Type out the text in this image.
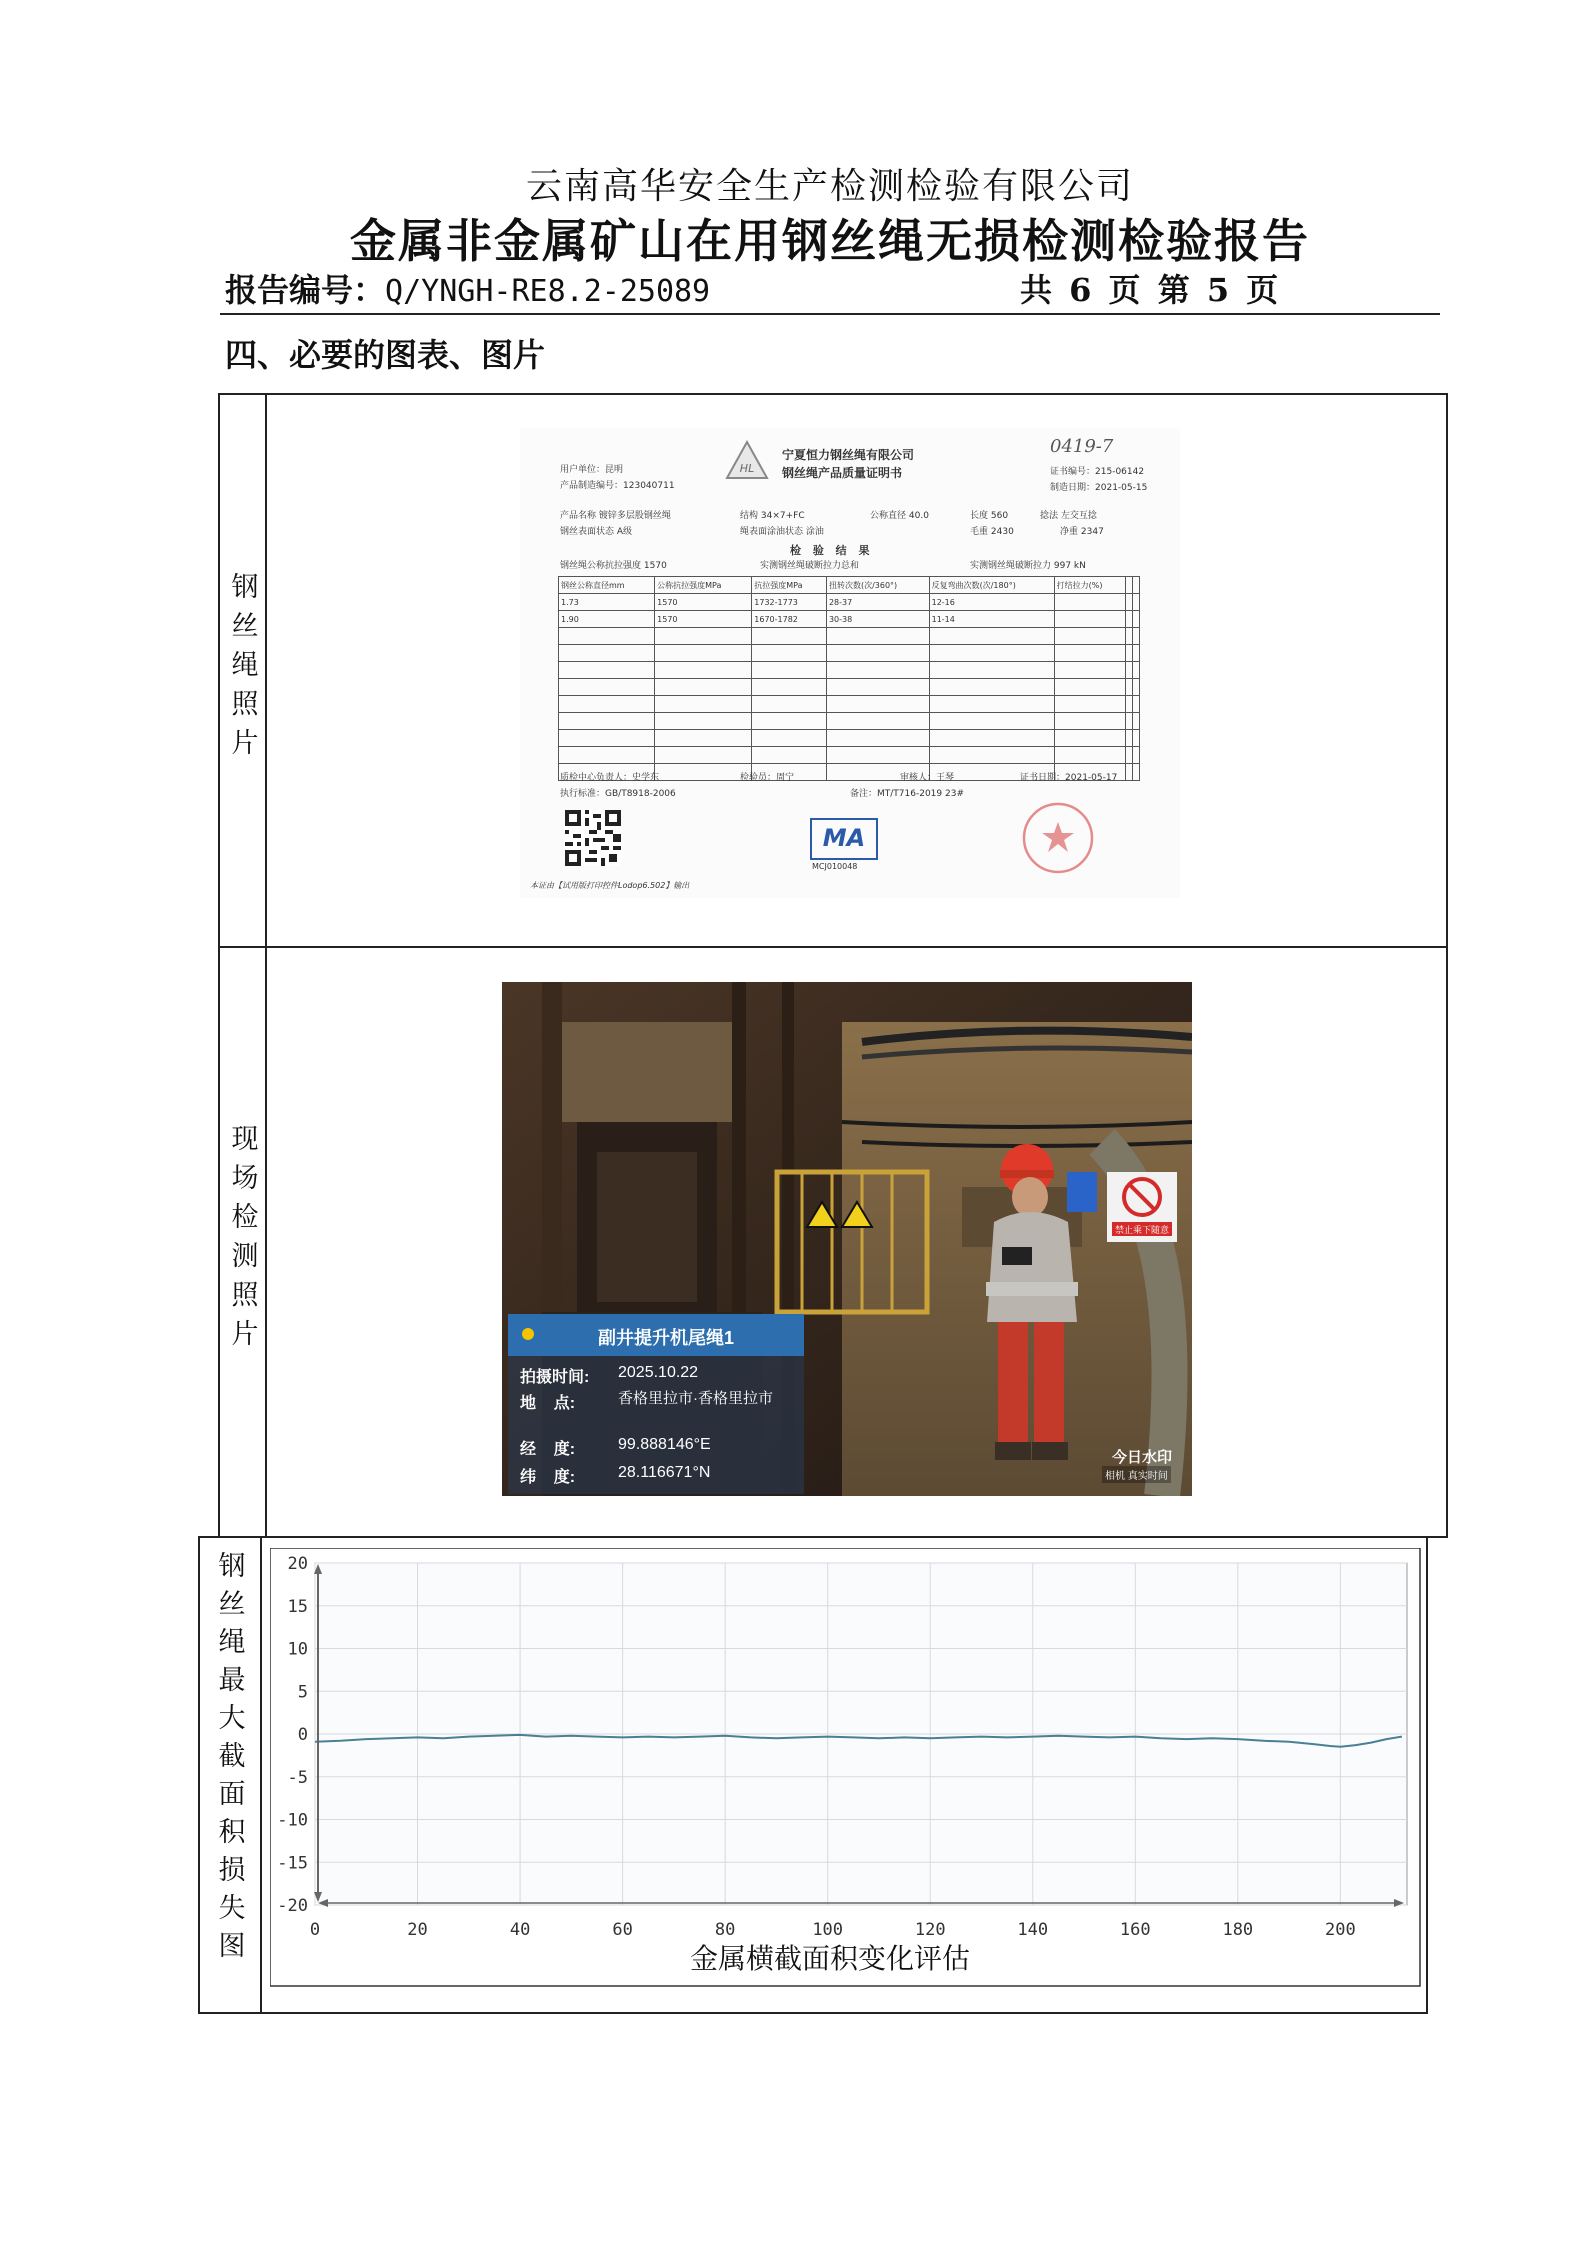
云南高华安全生产检测检验有限公司
金属非金属矿山在用钢丝绳无损检测检验报告
报告编号：Q/YNGH-RE8.2-25089	共 6 页 第 5 页
四、必要的图表、图片
钢丝绳照片
0419-7
HL
宁夏恒力钢丝绳有限公司
钢丝绳产品质量证明书	证书编号：215-06142
制造日期：2021-05-15
用户单位：昆明
产品制造编号：123040711
产品名称 镀锌多层股钢丝绳	结构 34×7+FC	公称直径 40.0	长度 560	捻法 左交互捻
钢丝表面状态 A级	绳表面涂油状态 涂油	毛重 2430	净重 2347
检 验 结 果
钢丝绳公称抗拉强度 1570	实测钢丝绳破断拉力总和	实测钢丝绳破断拉力 997 kN
钢丝公称直径mm	公称抗拉强度MPa	抗拉强度MPa	扭转次数(次/360°)	反复弯曲次数(次/180°)	打结拉力(%)		
1.73	1570	1732-1773	28-37	12-16			
1.90	1570	1670-1782	30-38	11-14			

质检中心负责人：史学东	检验员：周宁	审核人：王琴	证书日期：2021-05-17
执行标准：GB/T8918-2006	备注：MT/T716-2019 23#
MA
MCJ010048
本证由【试用版打印控件Lodop6.502】输出
现场检测照片
禁止乘下随意
副井提升机尾绳1
拍摄时间: 2025.10.22
地    点:	香格里拉市·香格里拉市
经    度:	99.888146°E
纬    度:	28.116671°N
今日水印
相机 真实时间
钢丝绳最大截面积损失图
20
15
10
5
0
-5
-10
-15
-20
0	20	40	60	80	100	120	140	160	180	200
金属横截面积变化评估
